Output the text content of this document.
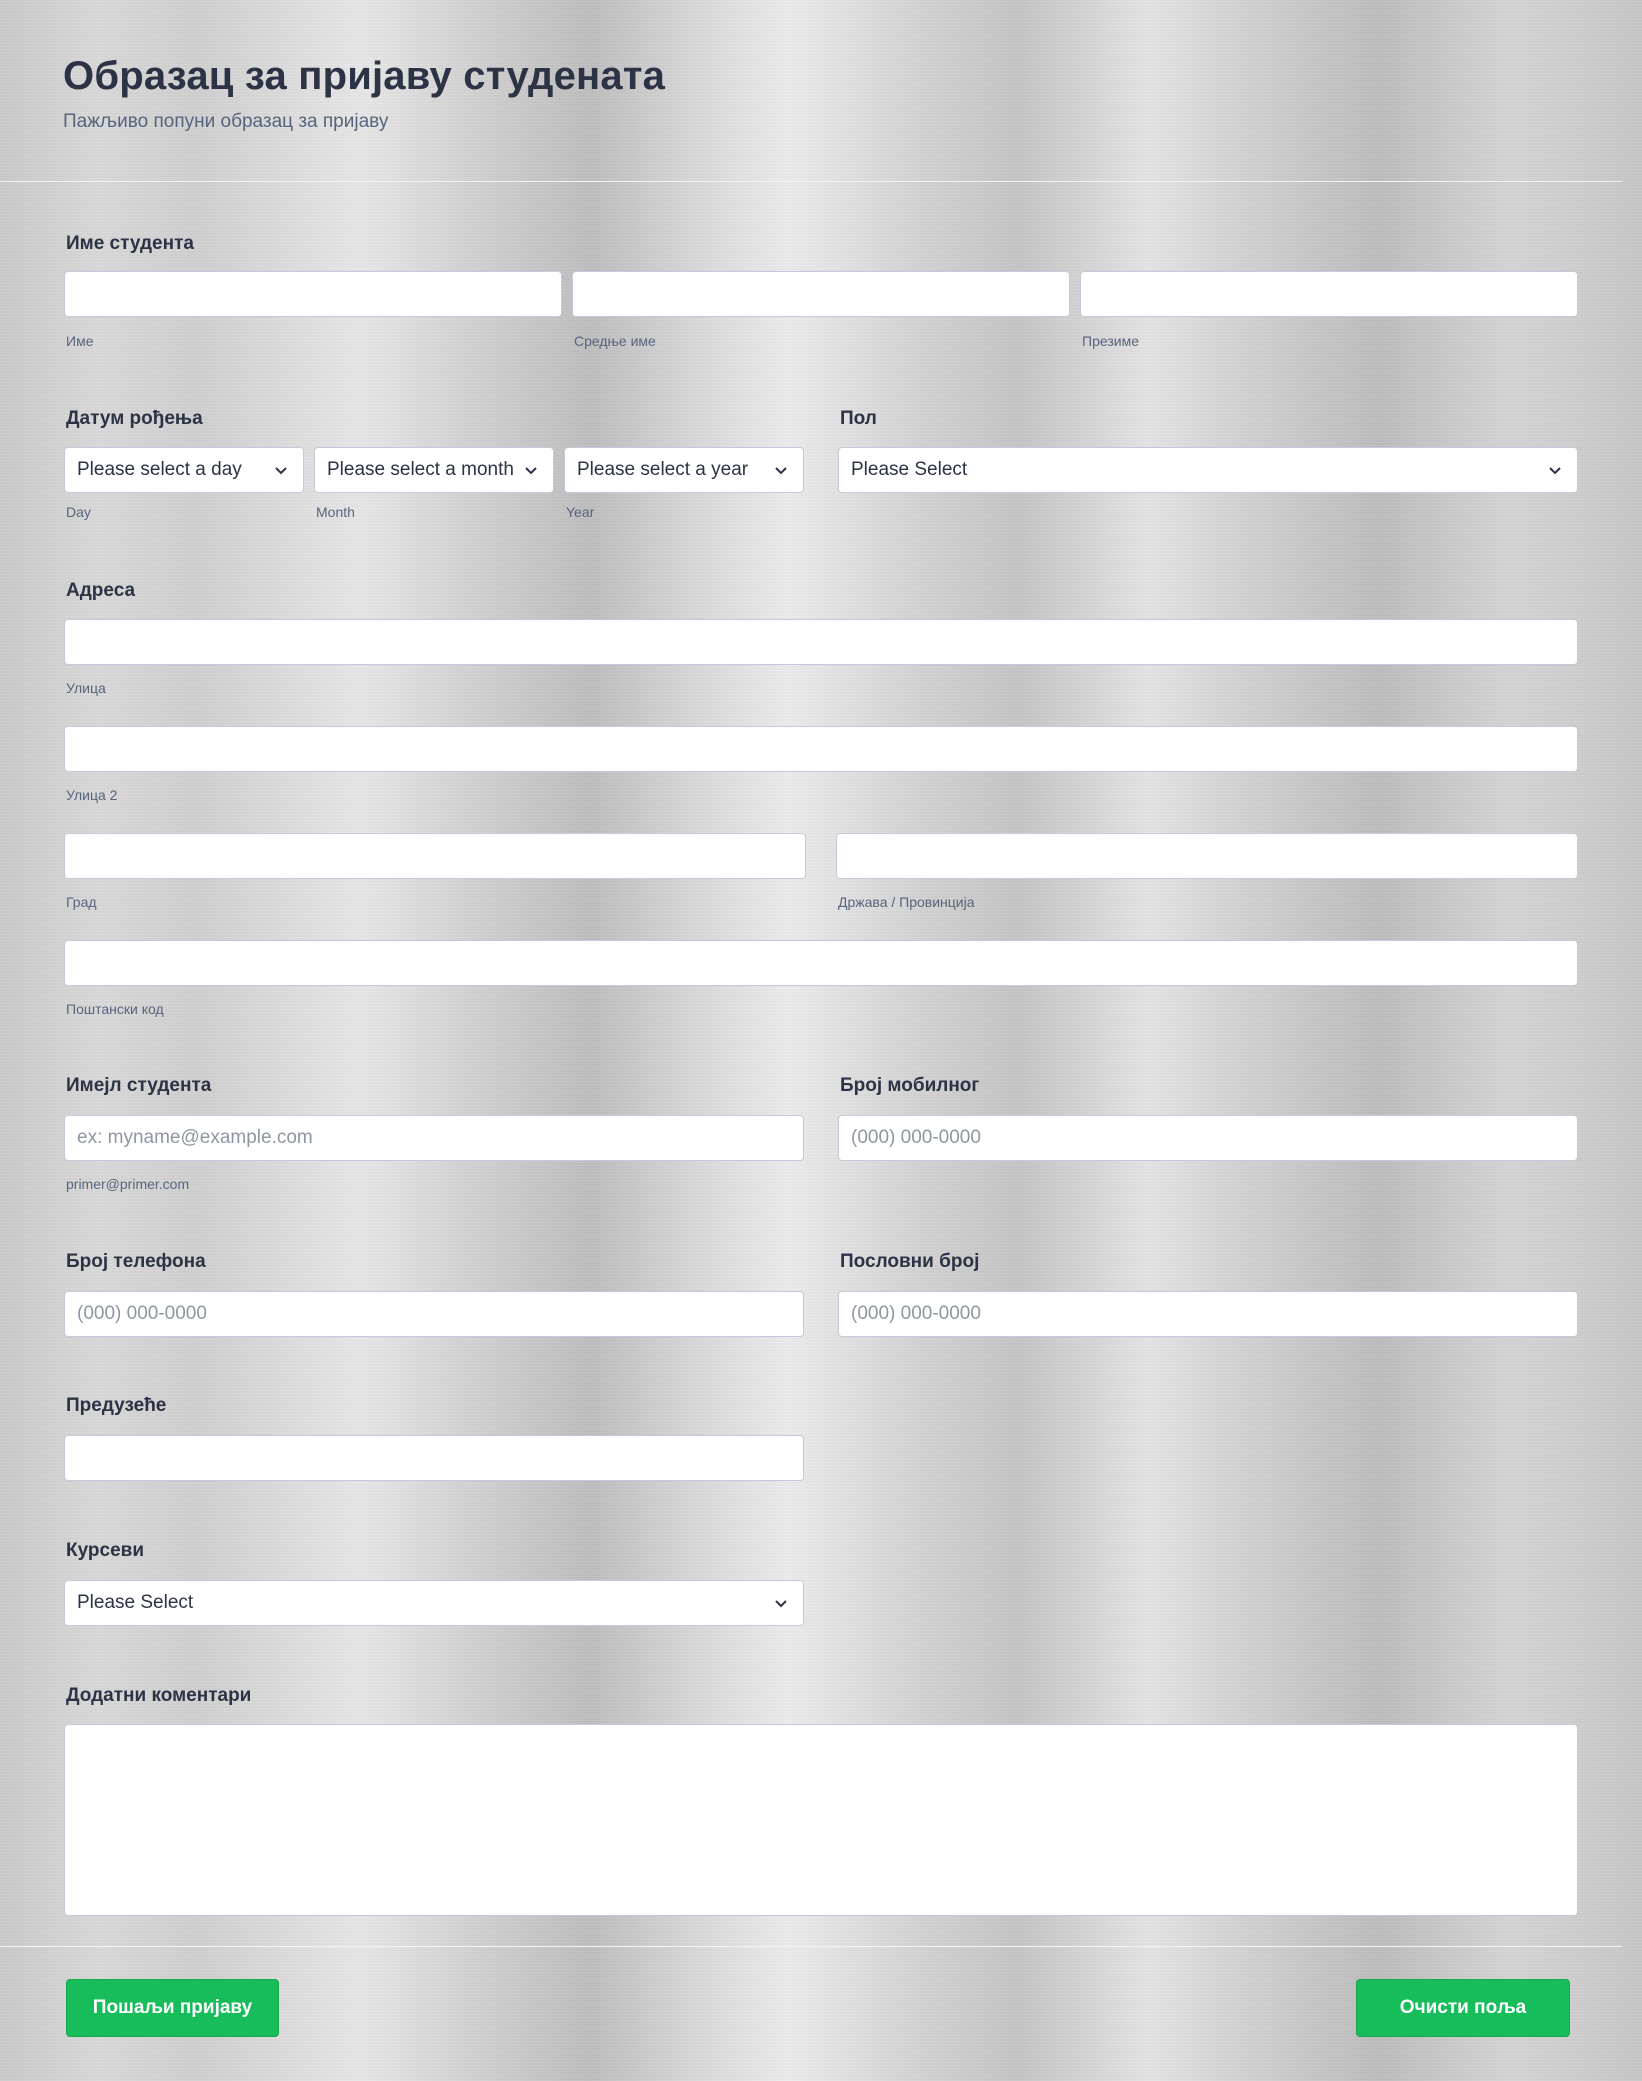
Образац за пријаву студената
Пажљиво попуни образац за пријаву
Име студента
Име	Средње име	Презиме
Датум рођења
Please select a day	Please select a month	Please select a year
Day	Month	Year
Пол
Please Select
Адреса
Улица
Улица 2
Град	Држава / Провинција
Поштански код
Имејл студента
ex: myname@example.com
primer@primer.com
Број мобилног
(000) 000-0000
Број телефона
(000) 000-0000
Пословни број
(000) 000-0000
Предузеће
Курсеви
Please Select
Додатни коментари
Пошаљи пријаву	Очисти поља
